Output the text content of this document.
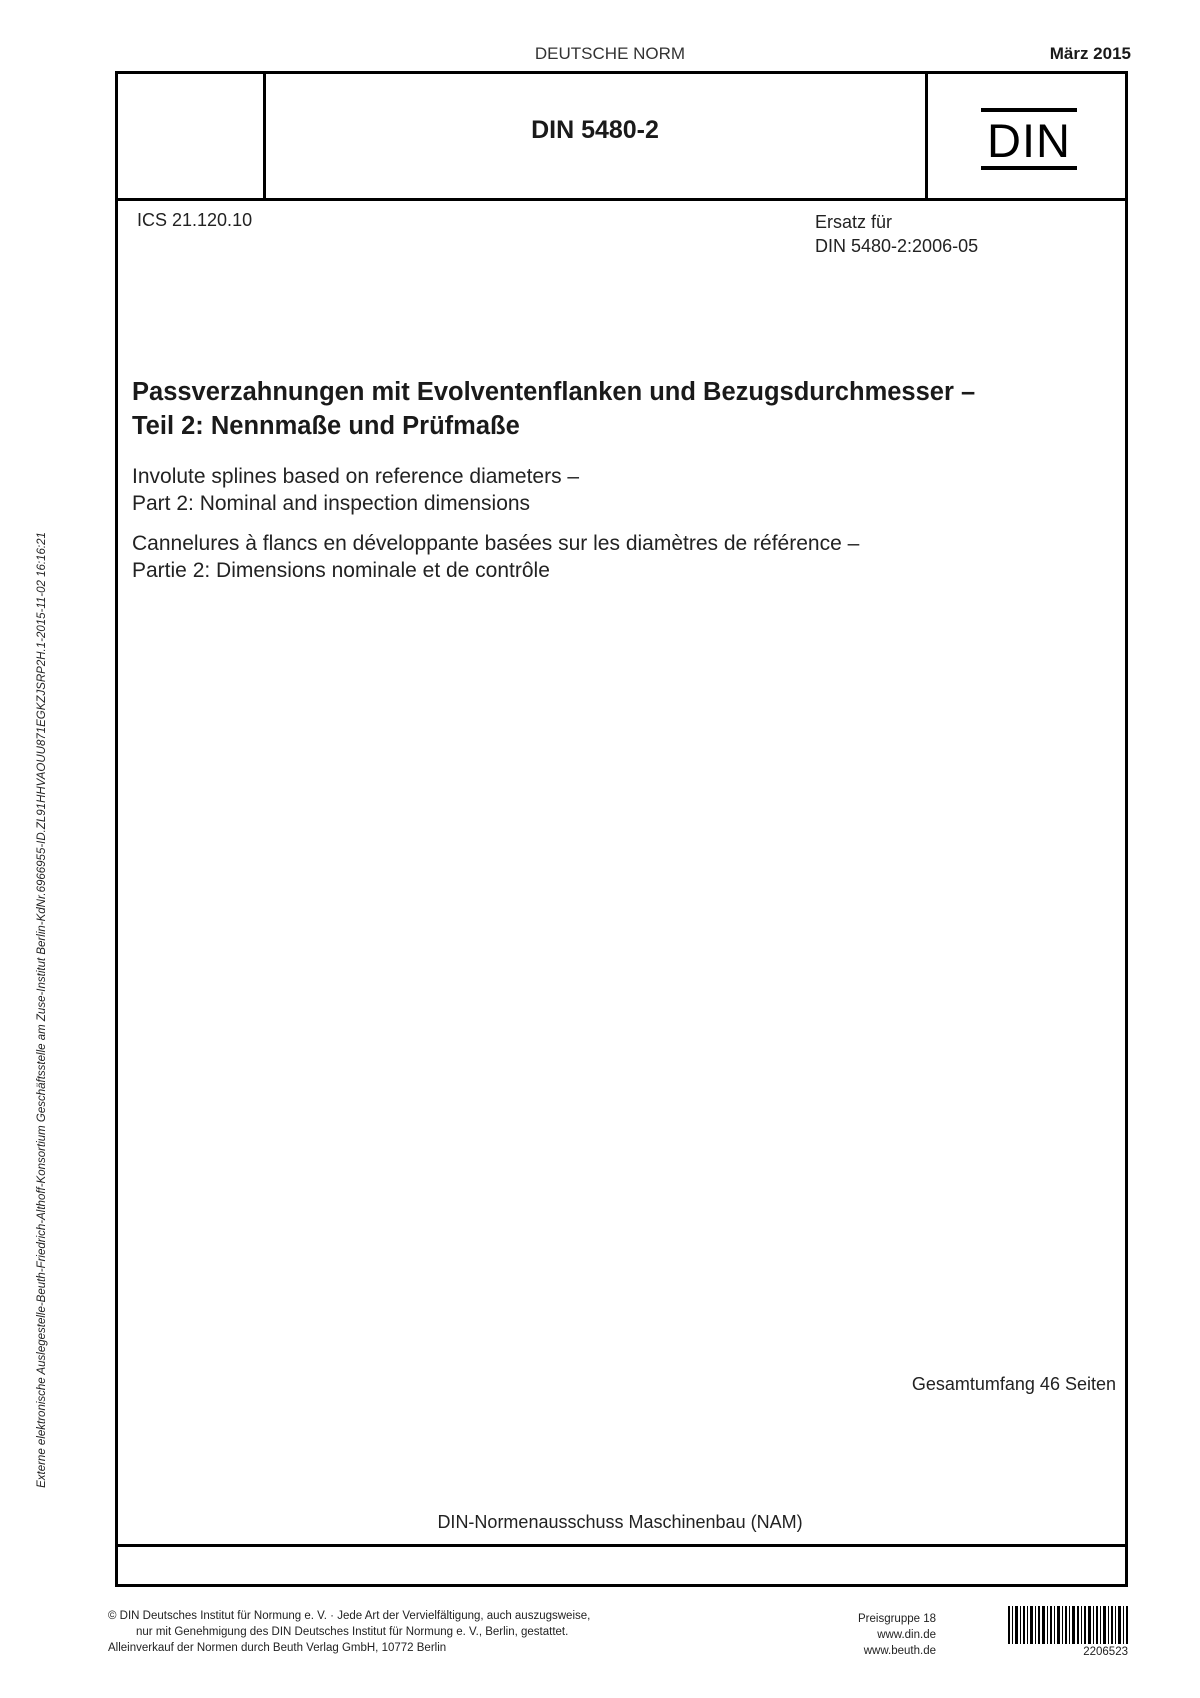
Externe elektronische Auslegestelle-Beuth-Friedrich-Althoff-Konsortium Geschäftsstelle am Zuse-Institut Berlin-KdNr.6966955-ID.ZL91HHVAOUU871EGKZJSRP2H.1-2015-11-02 16:16:21
DEUTSCHE NORM	März 2015
DIN 5480-2	DIN
ICS 21.120.10	Ersatz für
DIN 5480-2:2006-05
Passverzahnungen mit Evolventenflanken und Bezugsdurchmesser –
Teil 2: Nennmaße und Prüfmaße
Involute splines based on reference diameters –
Part 2: Nominal and inspection dimensions
Cannelures à flancs en développante basées sur les diamètres de référence –
Partie 2: Dimensions nominale et de contrôle
Gesamtumfang 46 Seiten
DIN-Normenausschuss Maschinenbau (NAM)
© DIN Deutsches Institut für Normung e. V. · Jede Art der Vervielfältigung, auch auszugsweise,
nur mit Genehmigung des DIN Deutsches Institut für Normung e. V., Berlin, gestattet.
Alleinverkauf der Normen durch Beuth Verlag GmbH, 10772 Berlin
Preisgruppe 18
www.din.de
www.beuth.de	2206523
